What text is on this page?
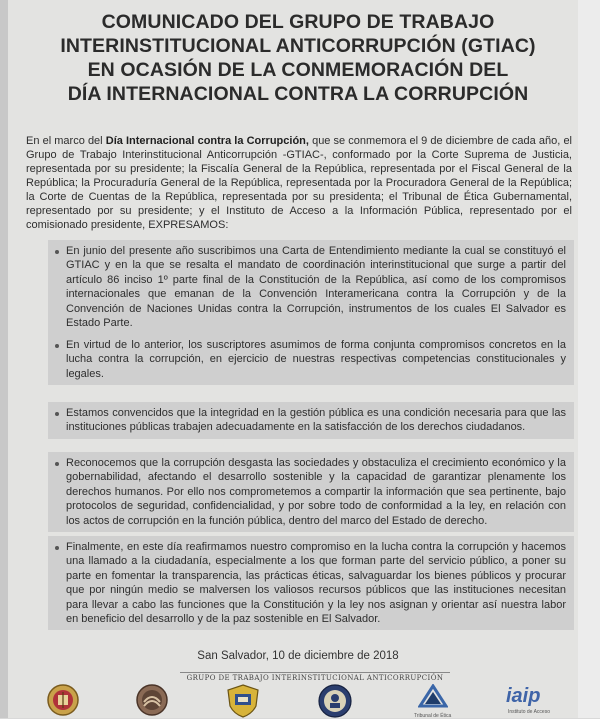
COMUNICADO DEL GRUPO DE TRABAJO
INTERINSTITUCIONAL ANTICORRUPCIÓN (GTIAC)
EN OCASIÓN DE LA CONMEMORACIÓN DEL
DÍA INTERNACIONAL CONTRA LA CORRUPCIÓN

En el marco del Día Internacional contra la Corrupción, que se conmemora el 9 de diciembre de cada año, el Grupo de Trabajo Interinstitucional Anticorrupción -GTIAC-, conformado por la Corte Suprema de Justicia, representada por su presidente; la Fiscalía General de la República, representada por el Fiscal General de la República; la Procuraduría General de la República, representada por la Procuradora General de la República; la Corte de Cuentas de la República, representada por su presidenta; el Tribunal de Ética Gubernamental, representado por su presidente; y el Instituto de Acceso a la Información Pública, representado por el comisionado presidente, EXPRESAMOS:

En junio del presente año suscribimos una Carta de Entendimiento mediante la cual se constituyó el GTIAC y en la que se resalta el mandato de coordinación interinstitucional que surge a partir del artículo 86 inciso 1º parte final de la Constitución de la República, así como de los compromisos internacionales que emanan de la Convención Interamericana contra la Corrupción y de la Convención de Naciones Unidas contra la Corrupción, instrumentos de los cuales El Salvador es Estado Parte.
En virtud de lo anterior, los suscriptores asumimos de forma conjunta compromisos concretos en la lucha contra la corrupción, en ejercicio de nuestras respectivas competencias constitucionales y legales.
Estamos convencidos que la integridad en la gestión pública es una condición necesaria para que las instituciones públicas trabajen adecuadamente en la satisfacción de los derechos ciudadanos.
Reconocemos que la corrupción desgasta las sociedades y obstaculiza el crecimiento económico y la gobernabilidad, afectando el desarrollo sostenible y la capacidad de garantizar plenamente los derechos humanos. Por ello nos comprometemos a compartir la información que sea pertinente, bajo protocolos de seguridad, confidencialidad, y por sobre todo de conformidad a la ley, en relación con los actos de corrupción en la función pública, dentro del marco del Estado de derecho.
Finalmente, en este día reafirmamos nuestro compromiso en la lucha contra la corrupción y hacemos una llamado a la ciudadanía, especialmente a los que forman parte del servicio público, a poner su parte en fomentar la transparencia, las prácticas éticas, salvaguardar los bienes públicos y procurar que por ningún medio se malversen los valiosos recursos públicos que las instituciones necesitan para llevar a cabo las funciones que la Constitución y la ley nos asignan y orientar así nuestra labor en beneficio del desarrollo y de la paz sostenible en El Salvador.
San Salvador, 10 de diciembre de 2018
GRUPO DE TRABAJO INTERINSTITUCIONAL ANTICORRUPCIÓN
Tribunal de Ética
iaip
Instituto de Acceso
